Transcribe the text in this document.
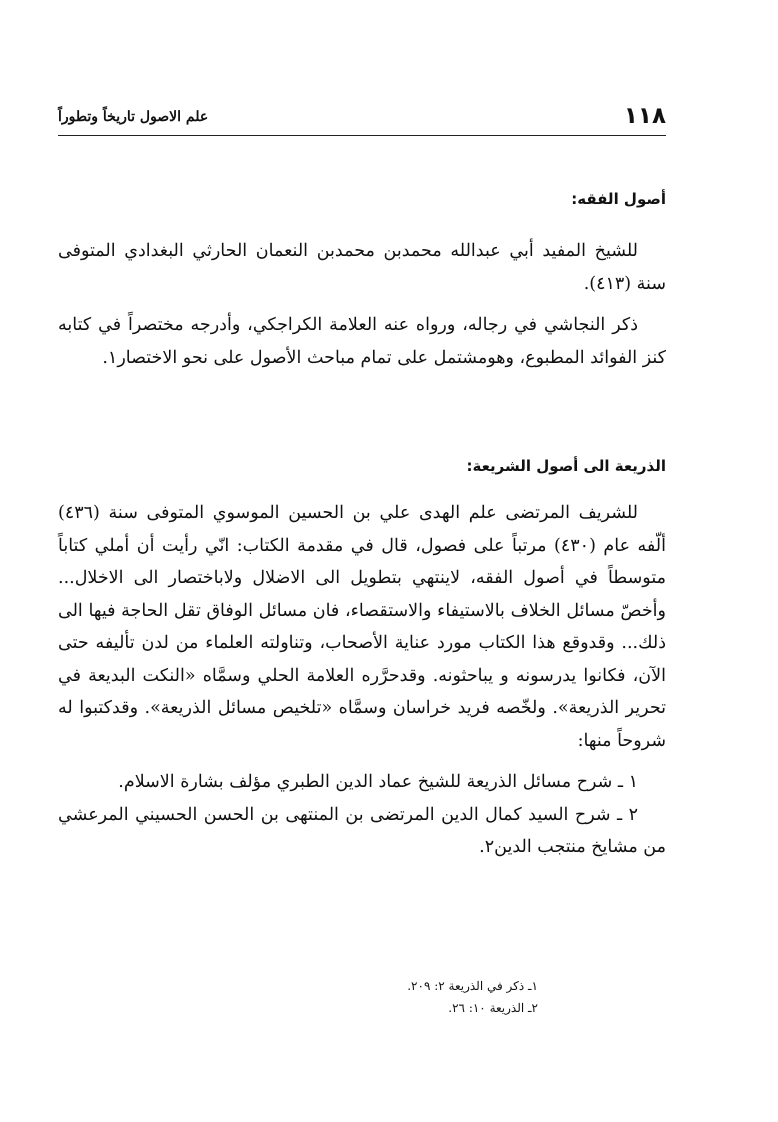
١١٨
علم الاصول تاريخاً وتطوراً
أصول الفقه:

للشيخ المفيد أبي عبدالله محمدبن محمدبن النعمان الحارثي البغدادي المتوفى سنة (٤١٣).

ذكر النجاشي في رجاله، ورواه عنه العلامة الكراجكي، وأدرجه مختصراً في كتابه كنز الفوائد المطبوع، وهومشتمل على تمام مباحث الأصول على نحو الاختصار١.

الذريعة الى أصول الشريعة:

للشريف المرتضى علم الهدى علي بن الحسين الموسوي المتوفى سنة (٤٣٦) ألّفه عام (٤٣٠) مرتباً على فصول، قال في مقدمة الكتاب: انّي رأيت أن أملي كتاباً متوسطاً في أصول الفقه، لاينتهي بتطويل الى الاضلال ولاباختصار الى الاخلال... وأخصّ مسائل الخلاف بالاستيفاء والاستقصاء، فان مسائل الوفاق تقل الحاجة فيها الى ذلك... وقدوقع هذا الكتاب مورد عناية الأصحاب، وتناولته العلماء من لدن تأليفه حتى الآن، فكانوا يدرسونه و يباحثونه. وقدحرَّره العلامة الحلي وسمَّاه «النكت البديعة في تحرير الذريعة». ولخّصه فريد خراسان وسمَّاه «تلخيص مسائل الذريعة». وقدكتبوا له شروحاً منها:

١ ـ شرح مسائل الذريعة للشيخ عماد الدين الطبري مؤلف بشارة الاسلام.

٢ ـ شرح السيد كمال الدين المرتضى بن المنتهى بن الحسن الحسيني المرعشي من مشايخ منتجب الدين٢.

١ـ ذكر في الذريعة ٢: ٢٠٩.
٢ـ الذريعة ١٠: ٢٦.
